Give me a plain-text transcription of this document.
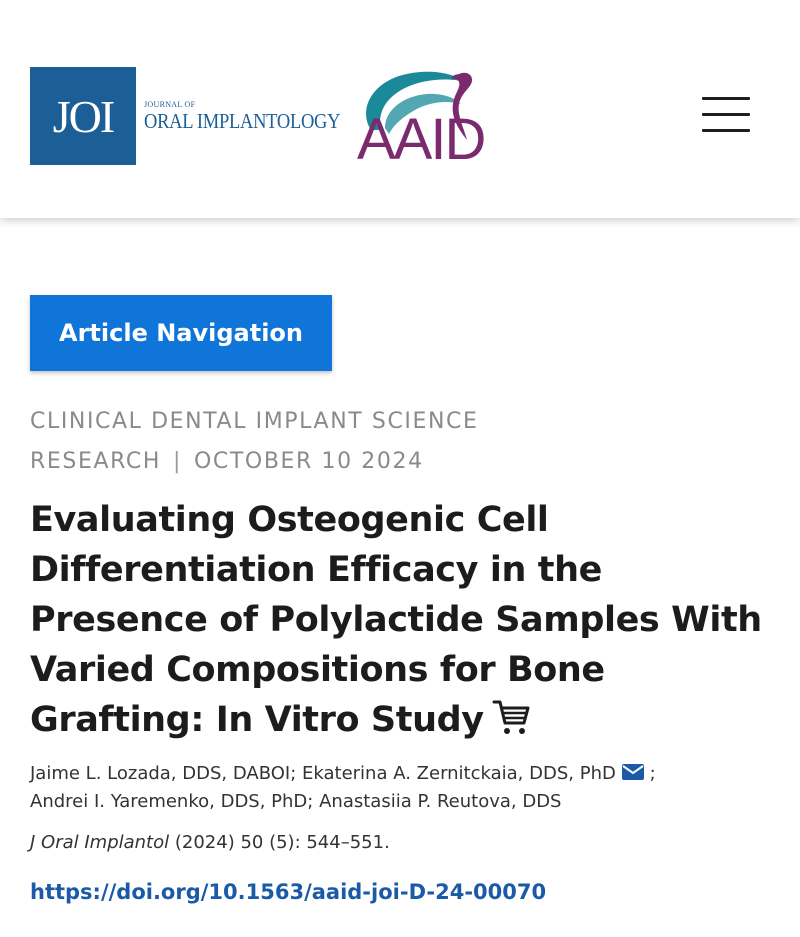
JOI	JOURNAL OF
ORAL IMPLANTOLOGY AAID
Article Navigation
CLINICAL DENTAL IMPLANT SCIENCE RESEARCH | OCTOBER 10 2024
Evaluating Osteogenic Cell Differentiation Efficacy in the Presence of Polylactide Samples With Varied Compositions for Bone Grafting: In Vitro Study
Jaime L. Lozada, DDS, DABOI; Ekaterina A. Zernitckaia, DDS, PhD ;
Andrei I. Yaremenko, DDS, PhD; Anastasiia P. Reutova, DDS
J Oral Implantol (2024) 50 (5): 544–551.
https://doi.org/10.1563/aaid-joi-D-24-00070
